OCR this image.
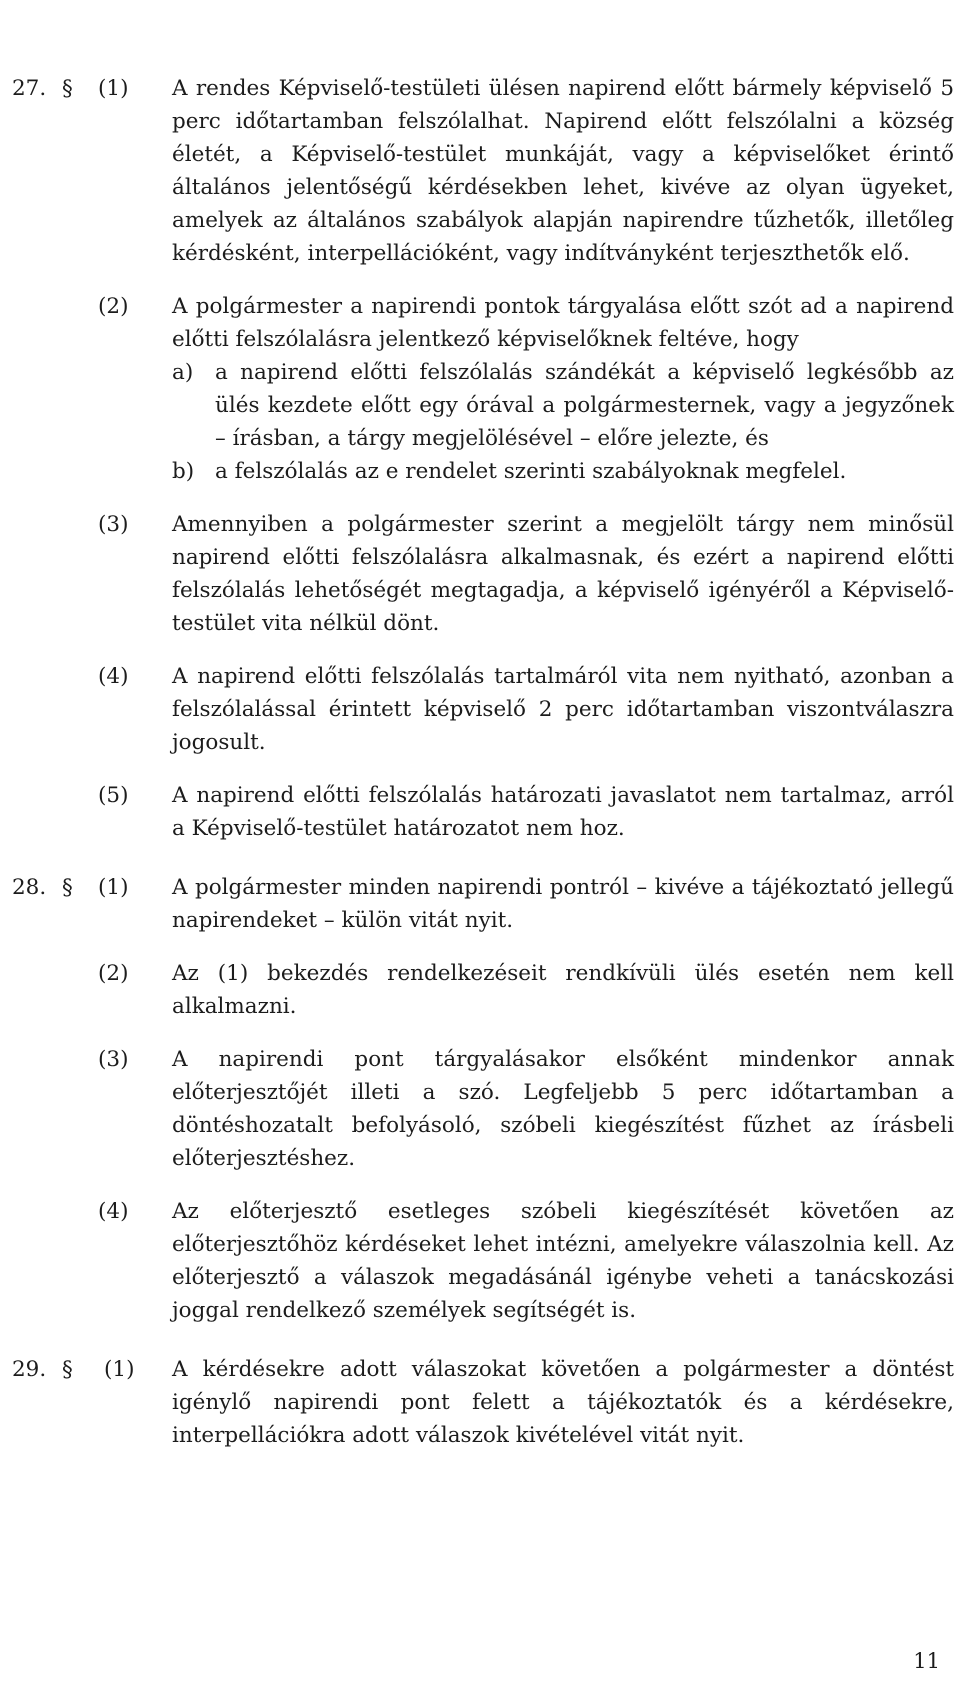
27. § (1) A rendes Képviselő-testületi ülésen napirend előtt bármely képviselő 5 perc időtartamban felszólalhat. Napirend előtt felszólalni a község életét, a Képviselő-testület munkáját, vagy a képviselőket érintő általános jelentőségű kérdésekben lehet, kivéve az olyan ügyeket, amelyek az általános szabályok alapján napirendre tűzhetők, illetőleg kérdésként, interpellációként, vagy indítványként terjeszthetők elő.
(2) A polgármester a napirendi pontok tárgyalása előtt szót ad a napirend előtti felszólalásra jelentkező képviselőknek feltéve, hogy
a) a napirend előtti felszólalás szándékát a képviselő legkésőbb az ülés kezdete előtt egy órával a polgármesternek, vagy a jegyzőnek – írásban, a tárgy megjelölésével – előre jelezte, és
b) a felszólalás az e rendelet szerinti szabályoknak megfelel.
(3) Amennyiben a polgármester szerint a megjelölt tárgy nem minősül napirend előtti felszólalásra alkalmasnak, és ezért a napirend előtti felszólalás lehetőségét megtagadja, a képviselő igényéről a Képviselő-testület vita nélkül dönt.
(4) A napirend előtti felszólalás tartalmáról vita nem nyitható, azonban a felszólalással érintett képviselő 2 perc időtartamban viszontválaszra jogosult.
(5) A napirend előtti felszólalás határozati javaslatot nem tartalmaz, arról a Képviselő-testület határozatot nem hoz.
28. § (1) A polgármester minden napirendi pontról – kivéve a tájékoztató jellegű napirendeket – külön vitát nyit.
(2) Az (1) bekezdés rendelkezéseit rendkívüli ülés esetén nem kell alkalmazni.
(3) A napirendi pont tárgyalásakor elsőként mindenkor annak előterjesztőjét illeti a szó. Legfeljebb 5 perc időtartamban a döntéshozatalt befolyásoló, szóbeli kiegészítést fűzhet az írásbeli előterjesztéshez.
(4) Az előterjesztő esetleges szóbeli kiegészítését követően az előterjesztőhöz kérdéseket lehet intézni, amelyekre válaszolnia kell. Az előterjesztő a válaszok megadásánál igénybe veheti a tanácskozási joggal rendelkező személyek segítségét is.
29. § (1) A kérdésekre adott válaszokat követően a polgármester a döntést igénylő napirendi pont felett a tájékoztatók és a kérdésekre, interpellációkra adott válaszok kivételével vitát nyit.
11
